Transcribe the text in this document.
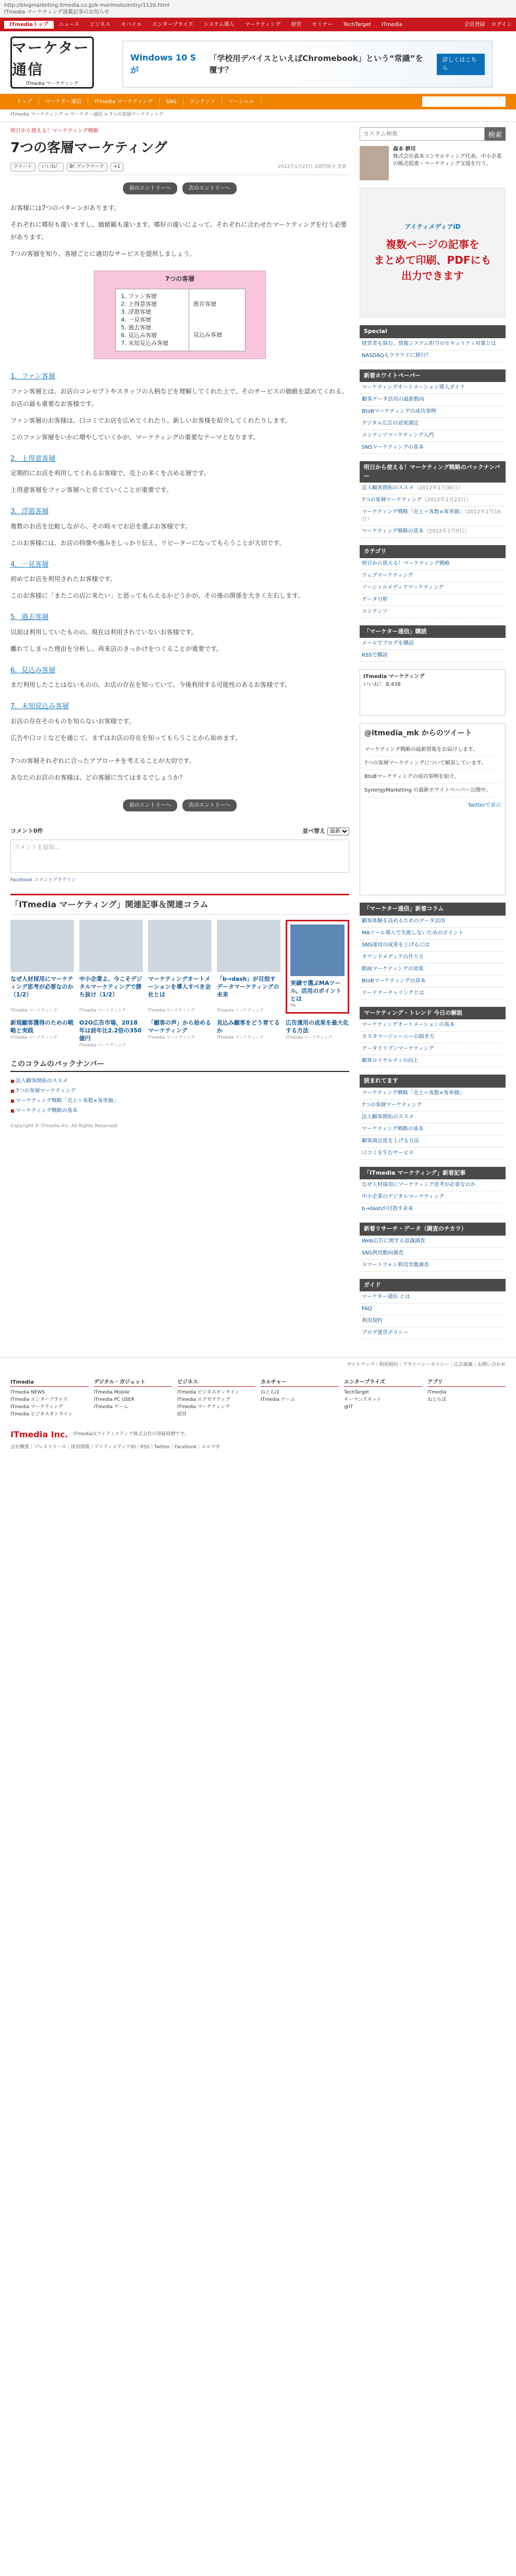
http://blogmarketing.itmedia.co.jp/k-morimoto/entry/1120.html
ITmedia マーケティング連載記事のお知らせ
ITmediaトップ	ニュース	ビジネス	モバイル	エンタープライズ	システム導入	マーケティング	経営	セミナー	TechTarget	ITmedia	会員登録 ログイン
マーケター通信
ITmedia マーケティング
Windows 10 S が
「学校用デバイスといえばChromebook」という“常識”を覆す？
詳しくはこちら
トップ	マーケター通信	ITmedia マーケティング	SNS	コンテンツ	ソーシャル
ITmedia マーケティング > マーケター通信 > 7つの客層マーケティング
明日から使える！マーケティング戦略
7つの客層マーケティング
ツイート	いいね！	B! ブックマーク	+1	2012年1月23日 10時56分 更新
前のエントリーへ	次のエントリーへ

お客様には7つのパターンがあります。

それぞれに嗜好も違いますし、価値観も違います。嗜好の違いによって、それぞれに合わせたマーケティングを行う必要があります。

7つの客層を知り、客層ごとに適切なサービスを提供しましょう。

7つの客層
1. ファン客層
2. 上得意客層
3. 浮遊客層
4. 一見客層
5. 過去客層
6. 見込み客層
7. 未知見込み客層
既存客層
見込み客層
1．ファン客層

ファン客層とは、お店のコンセプトやスタッフの人柄などを理解してくれた上で、そのサービスの価値を認めてくれる、お店の最も重要なお客様です。

ファン客層のお客様は、口コミでお店を広めてくれたり、新しいお客様を紹介してくれたりします。

このファン客層をいかに増やしていくかが、マーケティングの重要なテーマとなります。

2．上得意客層

定期的にお店を利用してくれるお客様で、売上の多くを占める層です。

上得意客層をファン客層へと育てていくことが重要です。

3．浮遊客層

複数のお店を比較しながら、その時々でお店を選ぶお客様です。

このお客様には、お店の特徴や強みをしっかり伝え、リピーターになってもらうことが大切です。

4．一見客層

初めてお店を利用されたお客様です。

このお客様に「またこの店に来たい」と思ってもらえるかどうかが、その後の関係を大きく左右します。

5．過去客層

以前は利用していたものの、現在は利用されていないお客様です。

離れてしまった理由を分析し、再来店のきっかけをつくることが重要です。

6．見込み客層

まだ利用したことはないものの、お店の存在を知っていて、今後利用する可能性のあるお客様です。

7．未知見込み客層

お店の存在そのものを知らないお客様です。

広告や口コミなどを通じて、まずはお店の存在を知ってもらうことから始めます。

7つの客層それぞれに合ったアプローチを考えることが大切です。

あなたのお店のお客様は、どの客層に当てはまるでしょうか？

前のエントリーへ	次のエントリーへ
コメント0件	並べ替え
最新
コメントを追加...
Facebook コメントプラグイン
「ITmedia マーケティング」関連記事＆関連コラム
なぜ人材採用にマーケティング思考が必要なのか（1/2）
ITmedia マーケティング
中小企業よ、今こそデジタルマーケティングで勝ち抜け（1/2）
ITmedia マーケティング
マーケティングオートメーションを導入すべき会社とは
ITmedia マーケティング
「b→dash」が目指すデータマーケティングの未来
ITmedia マーケティング
実績で選ぶMAツール。活用のポイントとは
PR
新規顧客獲得のための戦略と実践
ITmedia マーケティング
O2O広告市場、2018年は前年比2.2倍の350億円
ITmedia マーケティング
「顧客の声」から始めるマーケティング
ITmedia マーケティング
見込み顧客をどう育てるか
ITmedia マーケティング
広告運用の成果を最大化する方法
ITmedia マーケティング
このコラムのバックナンバー
■ 法人顧客開拓のススメ
■ 7つの客層マーケティング
■ マーケティング戦略「売上＝客数×客単価」
■ マーケティング戦略の基本
Copyright © ITmedia Inc. All Rights Reserved.
カスタム検索
検索
森本 耕司
株式会社森本コンサルティング代表。中小企業の販売促進・マーケティング支援を行う。
アイティメディアiD
複数ページの記事を
まとめて印刷、PDFにも
出力できます
Special
経営者も悩む、情報システム担当のセキュリティ対策とは
NASDAQもクラウドに移行？
新着ホワイトペーパー
マーケティングオートメーション導入ガイド
顧客データ活用の最新動向
BtoBマーケティングの成功事例
デジタル広告の効果測定
コンテンツマーケティング入門
SNSマーケティングの基本
明日から使える！マーケティング戦略のバックナンバー
法人顧客開拓のススメ（2012年1月30日）
7つの客層マーケティング（2012年1月23日）
マーケティング戦略「売上＝客数×客単価」（2012年1月16日）
マーケティング戦略の基本（2012年1月9日）
カテゴリ
明日から使える！マーケティング戦略
ウェブマーケティング
ソーシャルメディアマーケティング
データ分析
コンテンツ
「マーケター通信」購読
メールでブログを購読
RSSで購読
ITmedia マーケティング
いいね！ 8,438
@itmedia_mk からのツイート
マーケティング戦略の最新情報をお届けします。
7つの客層マーケティングについて解説しています。
BtoBマーケティングの成功事例を紹介。
SynergyMarketing の最新ホワイトペーパー公開中。
Twitterで表示
「マーケター通信」新着コラム
顧客体験を高めるためのデータ活用
MAツール導入で失敗しないためのポイント
SNS運用の成果を上げるには
オウンドメディアの作り方
動画マーケティングの効果
BtoBマーケティングの基本
リードナーチャリングとは
マーケティング・トレンド 今日の解説
マーケティングオートメーションの基本
カスタマージャーニーの描き方
データドリブンマーケティング
顧客ロイヤルティの向上
読まれてます
マーケティング戦略「売上＝客数×客単価」
7つの客層マーケティング
法人顧客開拓のススメ
マーケティング戦略の基本
顧客満足度を上げる方法
口コミを生むサービス
「ITmedia マーケティング」新着記事
なぜ人材採用にマーケティング思考が必要なのか
中小企業のデジタルマーケティング
b→dashが目指す未来
新着リサーチ・データ（調査のチカラ）
Web広告に関する意識調査
SNS利用動向調査
スマートフォン利用実態調査
ガイド
マーケター通信 とは
FAQ
利用規約
ブログ運営ポリシー
サイトマップ｜利用規約｜プライバシーポリシー｜広告掲載｜お問い合わせ
ITmedia
ITmedia NEWS
ITmedia エンタープライズ
ITmedia マーケティング
ITmedia ビジネスオンライン
デジタル・ガジェット
ITmedia Mobile
ITmedia PC USER
ITmedia ゲーム
ビジネス
ITmedia ビジネスオンライン
ITmedia エグゼクティブ
ITmedia マーケティング
経営
カルチャー
ねとらぼ
ITmedia ゲーム
エンタープライズ
TechTarget
キーマンズネット
@IT
アプリ
ITmedia
ねとらぼ
ITmedia Inc. ITmediaはアイティメディア株式会社の登録商標です。
会社概要｜プレスリリース｜採用情報｜アイティメディアID｜RSS｜Twitter｜Facebook｜メルマガ
